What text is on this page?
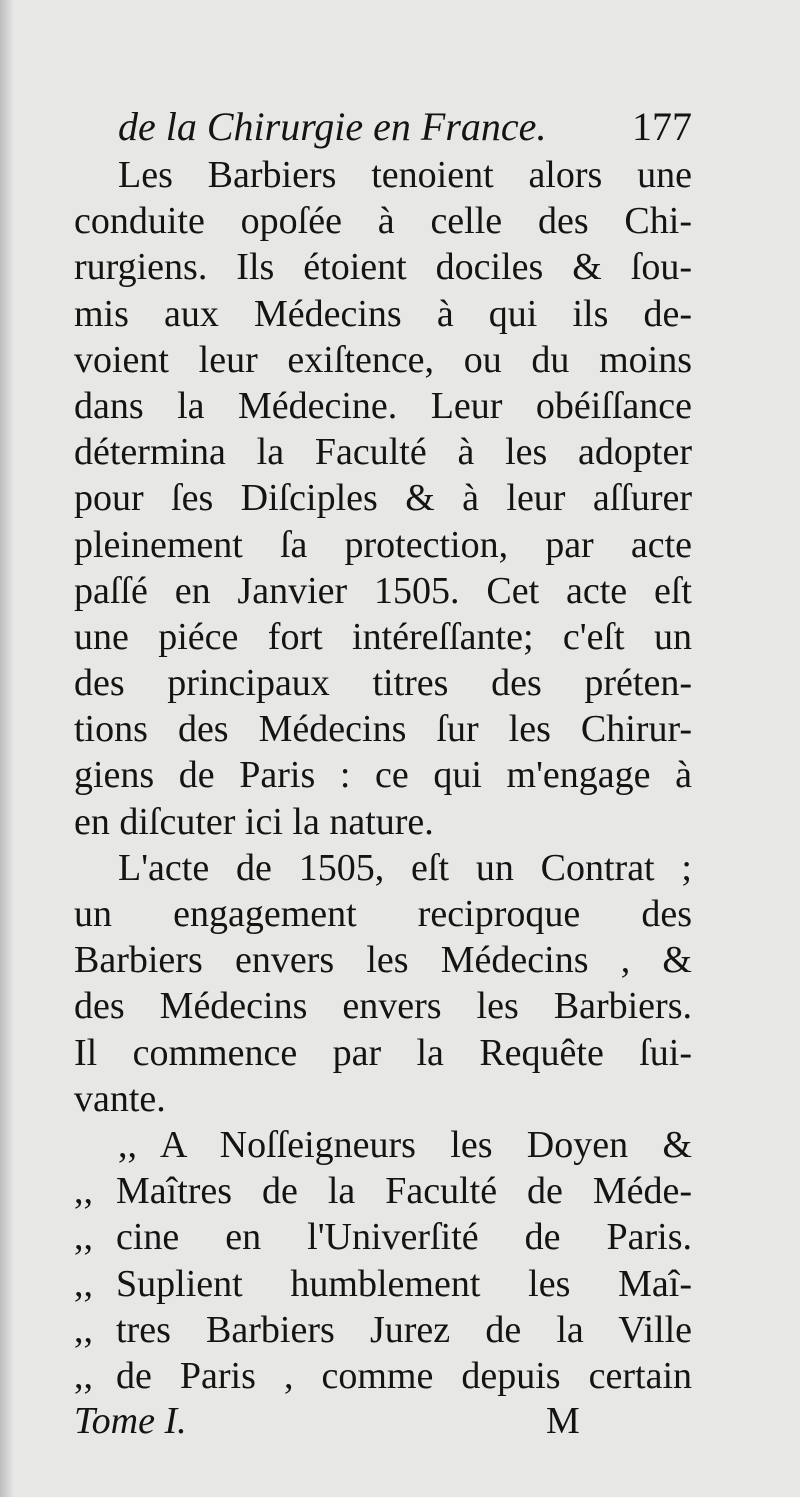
de la Chirurgie en France. 177
Les Barbiers tenoient alors une
conduite opoſée à celle des Chi-
rurgiens. Ils étoient dociles & ſou-
mis aux Médecins à qui ils de-
voient leur exiſtence, ou du moins
dans la Médecine. Leur obéiſſance
détermina la Faculté à les adopter
pour ſes Diſciples & à leur aſſurer
pleinement ſa protection, par acte
paſſé en Janvier 1505. Cet acte eſt
une piéce fort intéreſſante; c'eſt un
des principaux titres des préten-
tions des Médecins ſur les Chirur-
giens de Paris : ce qui m'engage à
en diſcuter ici la nature.
L'acte de 1505, eſt un Contrat ;
un engagement reciproque des
Barbiers envers les Médecins , &
des Médecins envers les Barbiers.
Il commence par la Requête ſui-
vante.
,, A Noſſeigneurs les Doyen &
,, Maîtres de la Faculté de Méde-
,, cine en l'Univerſité de Paris.
,, Suplient humblement les Maî-
,, tres Barbiers Jurez de la Ville
,, de Paris , comme depuis certain
Tome I.	M
